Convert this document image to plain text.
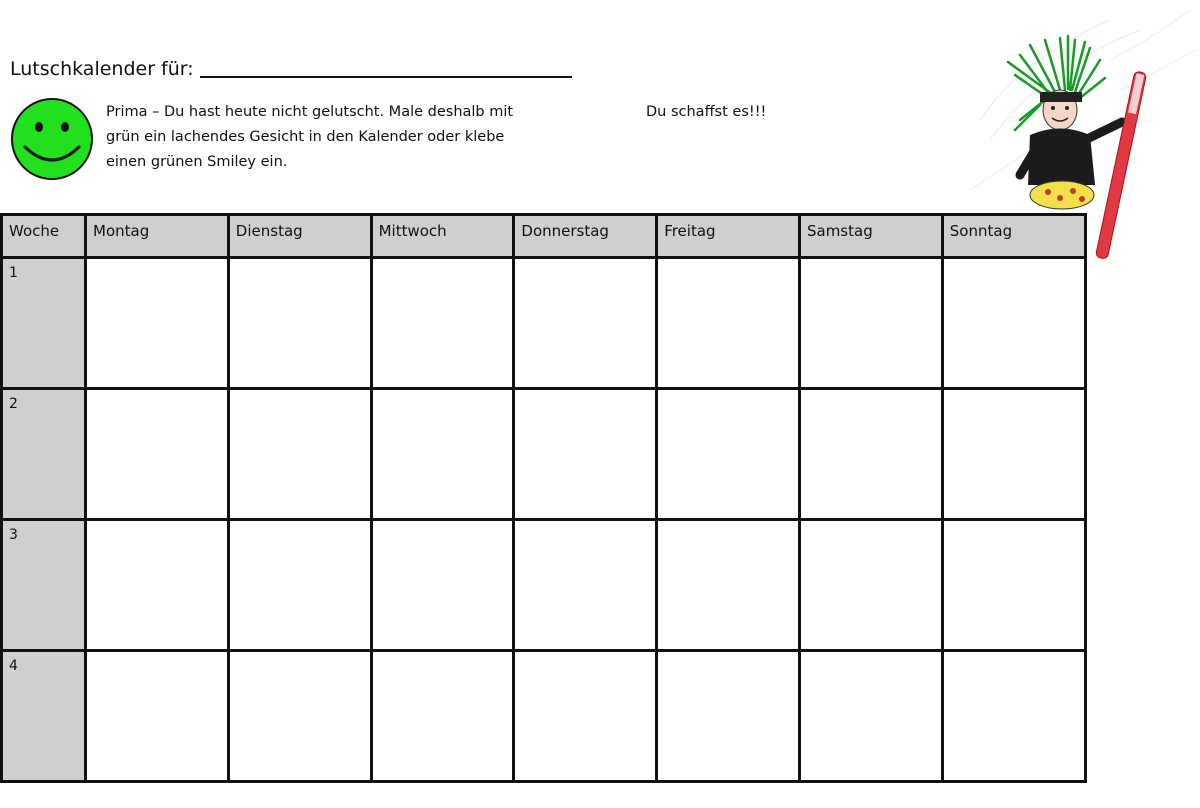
Lutschkalender für:
Prima – Du hast heute nicht gelutscht. Male deshalb mit grün ein lachendes Gesicht in den Kalender oder klebe einen grünen Smiley ein.
Du schaffst es!!!
Woche	Montag	Dienstag	Mittwoch	Donnerstag	Freitag	Samstag	Sonntag
1							
2							
3							
4							
